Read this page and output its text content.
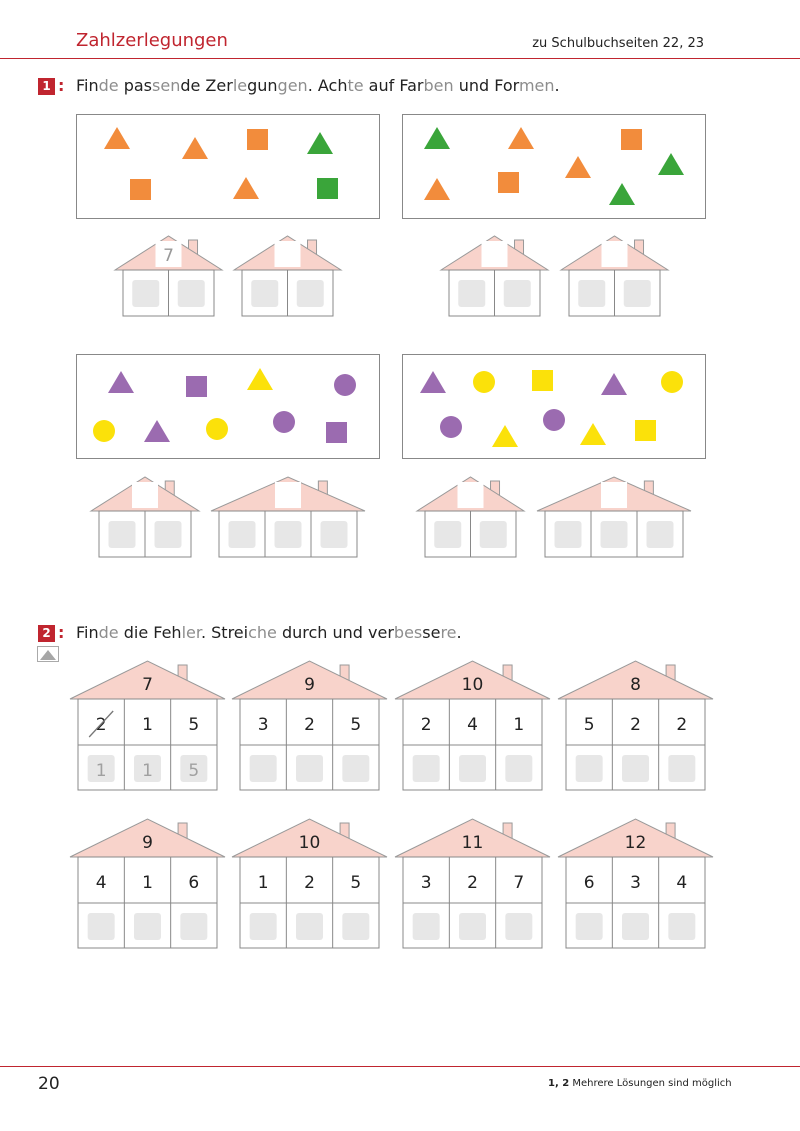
Zahlzerlegungen	zu Schulbuchseiten 22, 23
1 : Finde passende Zerlegungen. Achte auf Farben und Formen.
7
7
2
1
1
1
5
5
9
3 2 5
10
2 4 1
8
5 2 2
9
4 1 6
10
1 2 5
11
3 2 7
12
6 3 4
2 : Finde die Fehler. Streiche durch und verbessere.
20	1, 2 Mehrere Lösungen sind möglich
